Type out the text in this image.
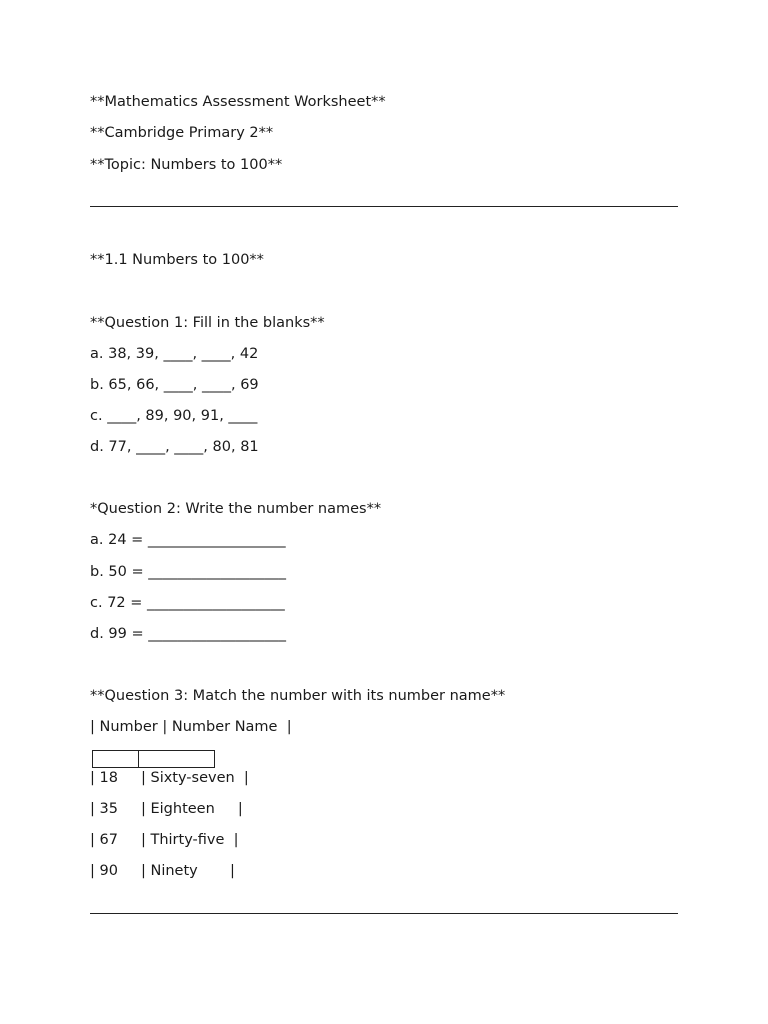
**Mathematics Assessment Worksheet**
**Cambridge Primary 2**
**Topic: Numbers to 100**
**1.1 Numbers to 100**
**Question 1: Fill in the blanks**
a. 38, 39, ____, ____, 42
b. 65, 66, ____, ____, 69
c. ____, 89, 90, 91, ____
d. 77, ____, ____, 80, 81
*Question 2: Write the number names**
a. 24 = ___________________
b. 50 = ___________________
c. 72 = ___________________
d. 99 = ___________________
**Question 3: Match the number with its number name**
| Number | Number Name  |
| 18     | Sixty-seven  |
| 35     | Eighteen     |
| 67     | Thirty-five  |
| 90     | Ninety       |
